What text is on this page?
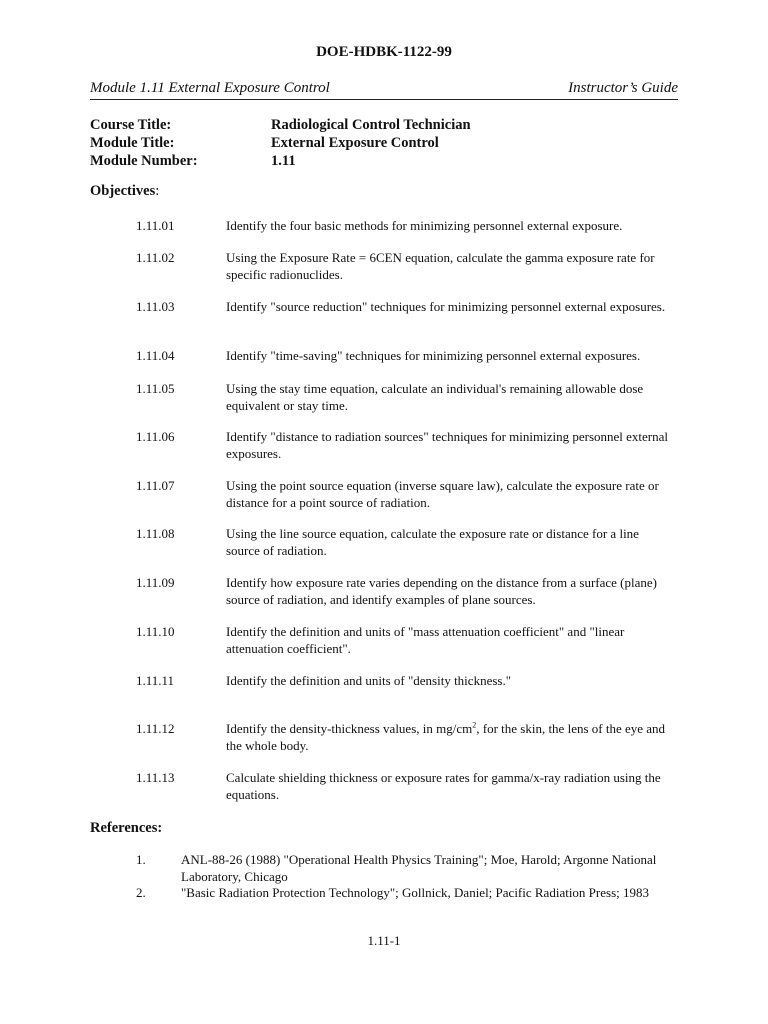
DOE-HDBK-1122-99
Module 1.11 External Exposure Control	Instructor’s Guide
Course Title:	Radiological Control Technician
Module Title:	External Exposure Control
Module Number:	1.11
Objectives:
1.11.01	Identify the four basic methods for minimizing personnel external exposure.
1.11.02	Using the Exposure Rate = 6CEN equation, calculate the gamma exposure rate for specific radionuclides.
1.11.03	Identify "source reduction" techniques for minimizing personnel external exposures.
1.11.04	Identify "time-saving" techniques for minimizing personnel external exposures.
1.11.05	Using the stay time equation, calculate an individual's remaining allowable dose equivalent or stay time.
1.11.06	Identify "distance to radiation sources" techniques for minimizing personnel external exposures.
1.11.07	Using the point source equation (inverse square law), calculate the exposure rate or distance for a point source of radiation.
1.11.08	Using the line source equation, calculate the exposure rate or distance for a line source of radiation.
1.11.09	Identify how exposure rate varies depending on the distance from a surface (plane) source of radiation, and identify examples of plane sources.
1.11.10	Identify the definition and units of "mass attenuation coefficient" and "linear attenuation coefficient".
1.11.11	Identify the definition and units of "density thickness."
1.11.12	Identify the density-thickness values, in $mg/cm^2$, for the skin, the lens of the eye and the whole body.
1.11.13	Calculate shielding thickness or exposure rates for gamma/x-ray radiation using the equations.
References:
1.	ANL-88-26 (1988) "Operational Health Physics Training"; Moe, Harold; Argonne National Laboratory, Chicago
2.	"Basic Radiation Protection Technology"; Gollnick, Daniel; Pacific Radiation Press; 1983
1.11-1
